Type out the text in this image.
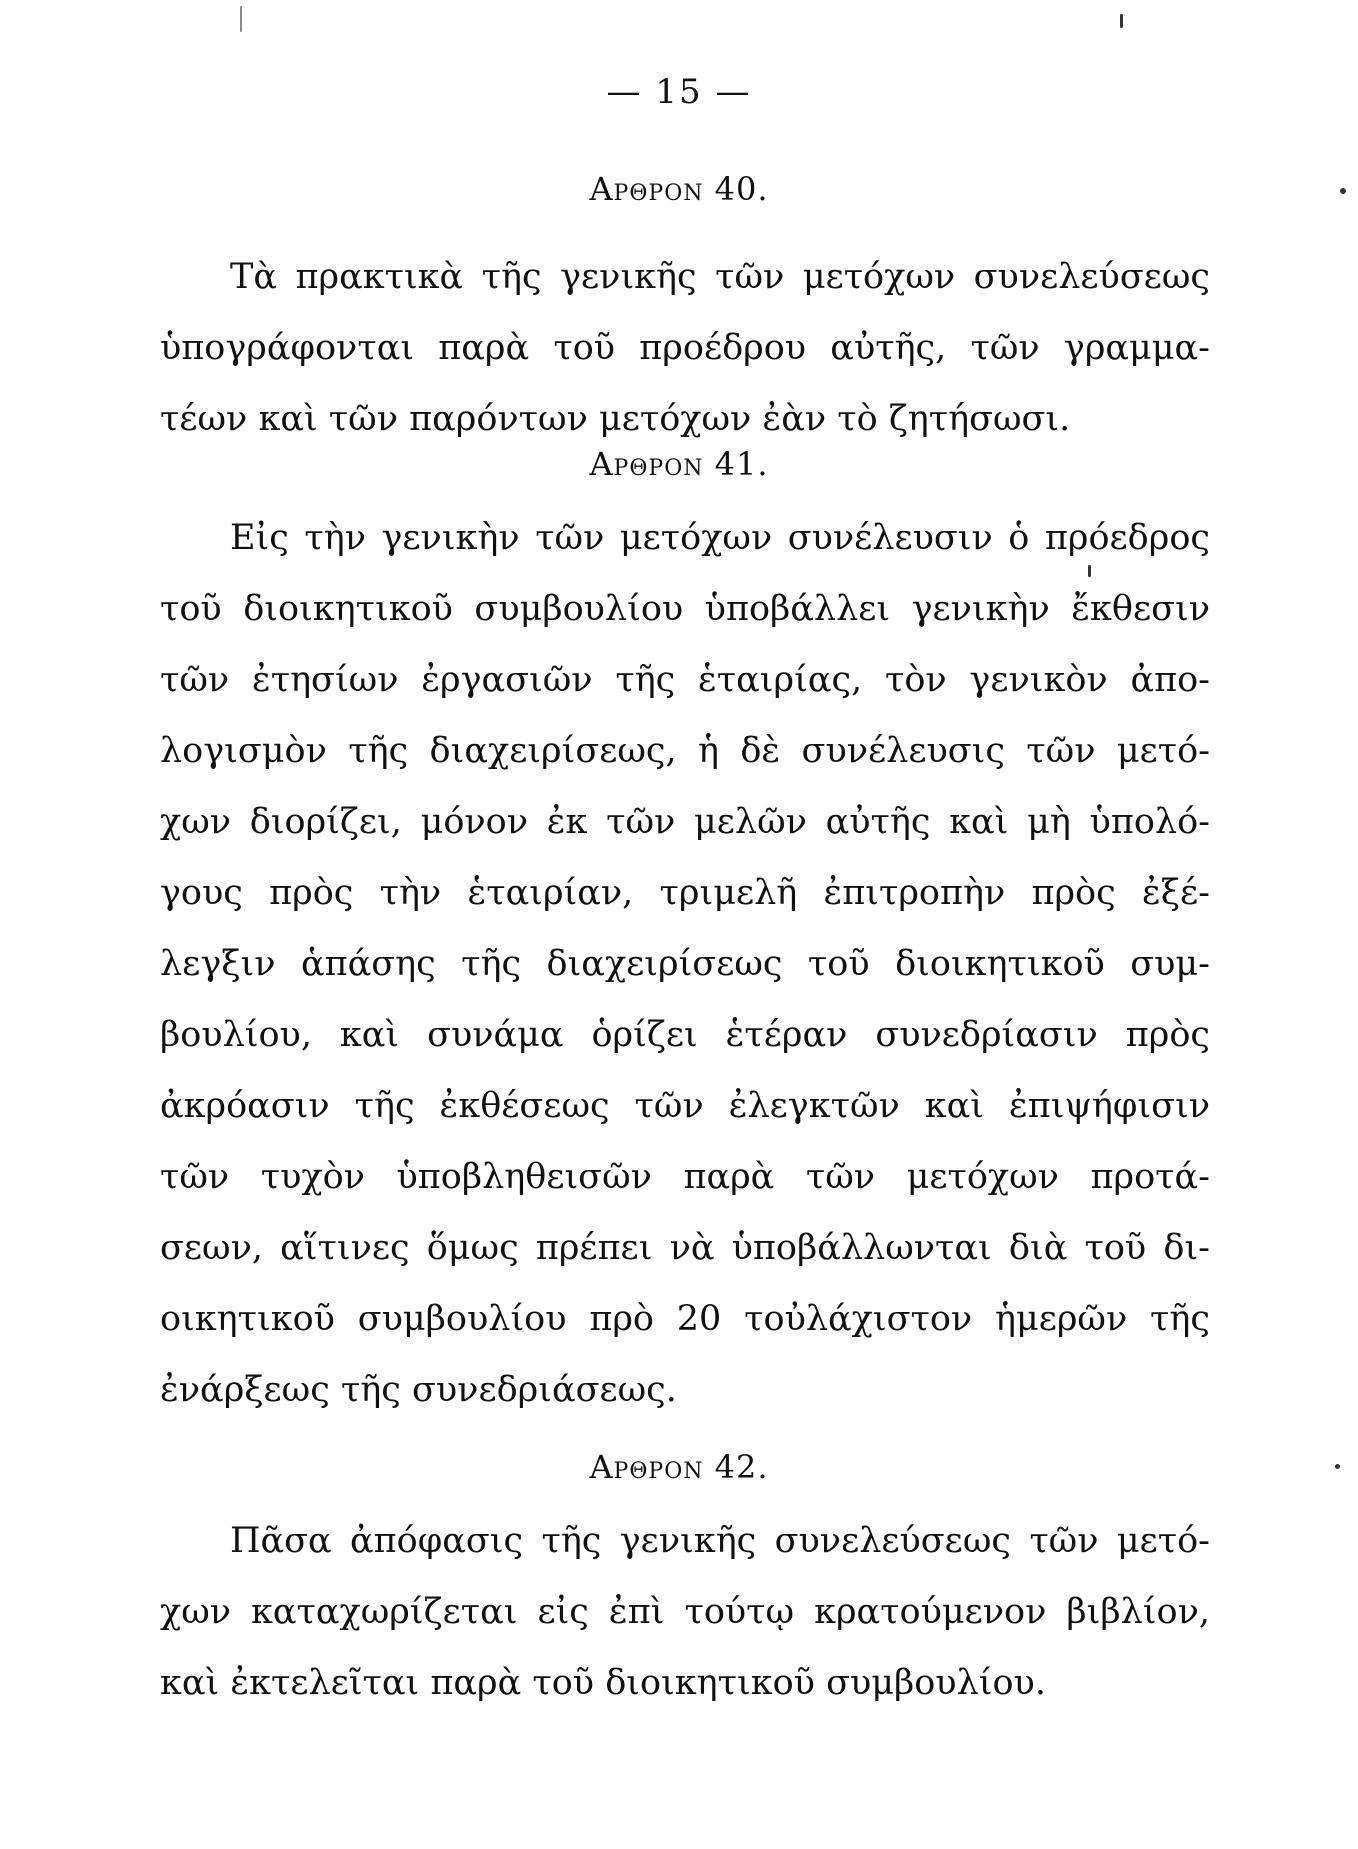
— 15 —
Αρθρον 40.
Τὰ πρακτικὰ τῆς γενικῆς τῶν μετόχων συνελεύσεως
ὑπογράφονται παρὰ τοῦ προέδρου αὐτῆς, τῶν γραμμα-
τέων καὶ τῶν παρόντων μετόχων ἐὰν τὸ ζητήσωσι.
Αρθρον 41.
Εἰς τὴν γενικὴν τῶν μετόχων συνέλευσιν ὁ πρόεδρος
τοῦ διοικητικοῦ συμβουλίου ὑποβάλλει γενικὴν ἔκθεσιν
τῶν ἐτησίων ἐργασιῶν τῆς ἑταιρίας, τὸν γενικὸν ἀπο-
λογισμὸν τῆς διαχειρίσεως, ἡ δὲ συνέλευσις τῶν μετό-
χων διορίζει, μόνον ἐκ τῶν μελῶν αὐτῆς καὶ μὴ ὑπολό-
γους πρὸς τὴν ἑταιρίαν, τριμελῆ ἐπιτροπὴν πρὸς ἐξέ-
λεγξιν ἁπάσης τῆς διαχειρίσεως τοῦ διοικητικοῦ συμ-
βουλίου, καὶ συνάμα ὁρίζει ἑτέραν συνεδρίασιν πρὸς
ἀκρόασιν τῆς ἐκθέσεως τῶν ἐλεγκτῶν καὶ ἐπιψήφισιν
τῶν τυχὸν ὑποβληθεισῶν παρὰ τῶν μετόχων προτά-
σεων, αἵτινες ὅμως πρέπει νὰ ὑποβάλλωνται διὰ τοῦ δι-
οικητικοῦ συμβουλίου πρὸ 20 τοὐλάχιστον ἡμερῶν τῆς
ἐνάρξεως τῆς συνεδριάσεως.
Αρθρον 42.
Πᾶσα ἀπόφασις τῆς γενικῆς συνελεύσεως τῶν μετό-
χων καταχωρίζεται εἰς ἐπὶ τούτῳ κρατούμενον βιβλίον,
καὶ ἐκτελεῖται παρὰ τοῦ διοικητικοῦ συμβουλίου.
